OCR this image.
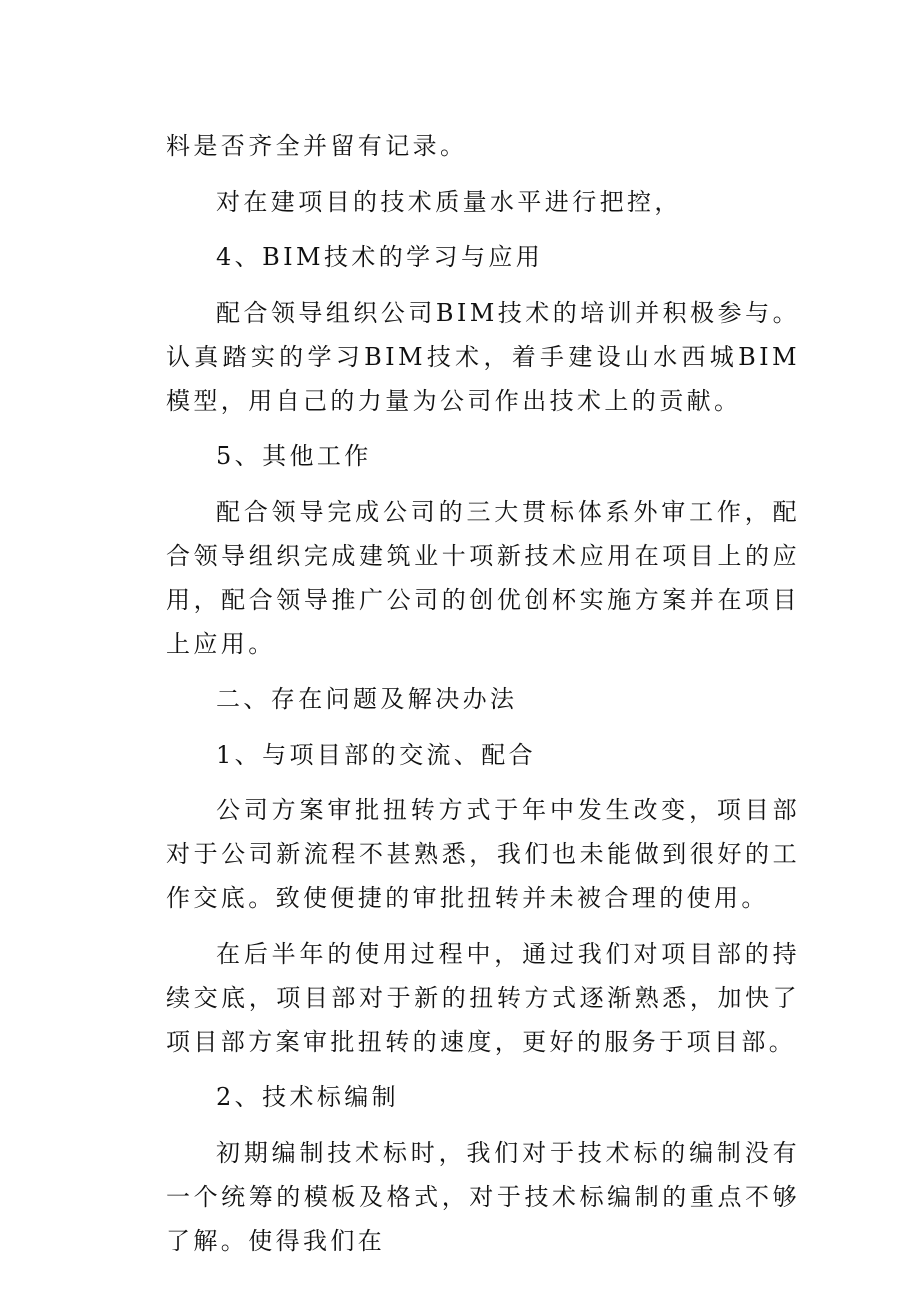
料是否齐全并留有记录。

对在建项目的技术质量水平进行把控，

4、BIM技术的学习与应用

配合领导组织公司BIM技术的培训并积极参与。认真踏实的学习BIM技术，着手建设山水西城BIM模型，用自己的力量为公司作出技术上的贡献。

5、其他工作

配合领导完成公司的三大贯标体系外审工作，配合领导组织完成建筑业十项新技术应用在项目上的应用，配合领导推广公司的创优创杯实施方案并在项目上应用。

二、存在问题及解决办法

1、与项目部的交流、配合

公司方案审批扭转方式于年中发生改变，项目部对于公司新流程不甚熟悉，我们也未能做到很好的工作交底。致使便捷的审批扭转并未被合理的使用。

在后半年的使用过程中，通过我们对项目部的持续交底，项目部对于新的扭转方式逐渐熟悉，加快了项目部方案审批扭转的速度，更好的服务于项目部。

2、技术标编制

初期编制技术标时，我们对于技术标的编制没有一个统筹的模板及格式，对于技术标编制的重点不够了解。使得我们在
